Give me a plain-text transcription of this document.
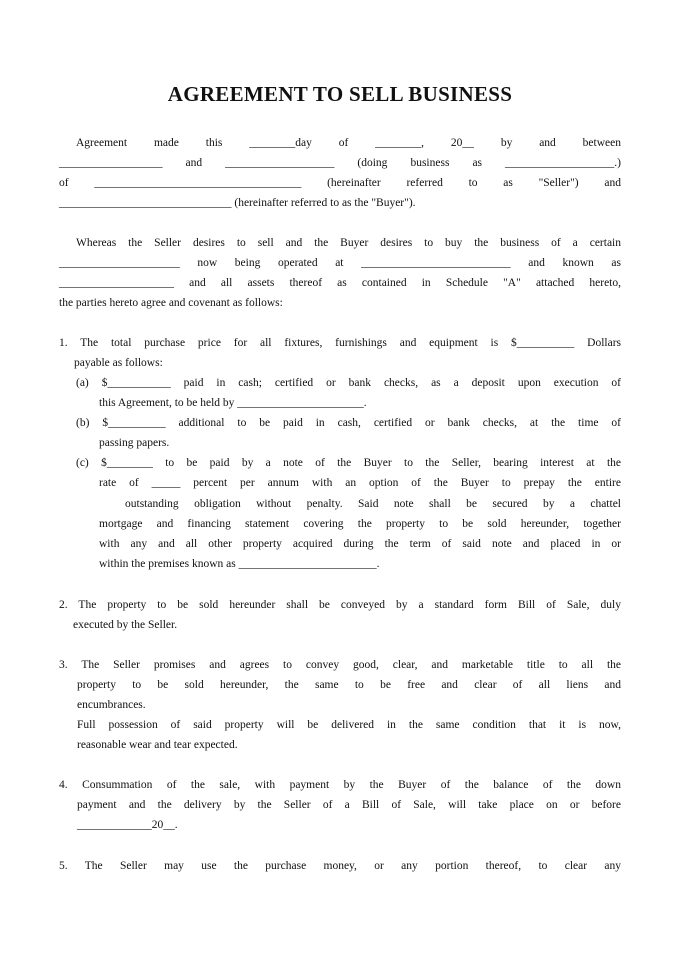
AGREEMENT TO SELL BUSINESS
Agreement made this ________day of ________, 20__ by and between
__________________ and ___________________ (doing business as ___________________.)
of ____________________________________ (hereinafter referred to as "Seller") and
______________________________ (hereinafter referred to as the "Buyer").
Whereas the Seller desires to sell and the Buyer desires to buy the business of a certain
_____________________ now being operated at __________________________ and known as
____________________ and all assets thereof as contained in Schedule "A" attached hereto,
the parties hereto agree and covenant as follows:
1. The total purchase price for all fixtures, furnishings and equipment is $__________ Dollars
payable as follows:
(a) $___________ paid in cash; certified or bank checks, as a deposit upon execution of
this Agreement, to be held by ______________________.
(b) $__________ additional to be paid in cash, certified or bank checks, at the time of
passing papers.
(c) $________ to be paid by a note of the Buyer to the Seller, bearing interest at the
rate of _____ percent per annum with an option of the Buyer to prepay the entire
outstanding obligation without penalty. Said note shall be secured by a chattel
mortgage and financing statement covering the property to be sold hereunder, together
with any and all other property acquired during the term of said note and placed in or
within the premises known as ________________________.
2. The property to be sold hereunder shall be conveyed by a standard form Bill of Sale, duly
executed by the Seller.
3. The Seller promises and agrees to convey good, clear, and marketable title to all the
property to be sold hereunder, the same to be free and clear of all liens and
encumbrances.
Full possession of said property will be delivered in the same condition that it is now,
reasonable wear and tear expected.
4. Consummation of the sale, with payment by the Buyer of the balance of the down
payment and the delivery by the Seller of a Bill of Sale, will take place on or before
_____________20__.
5. The Seller may use the purchase money, or any portion thereof, to clear any
